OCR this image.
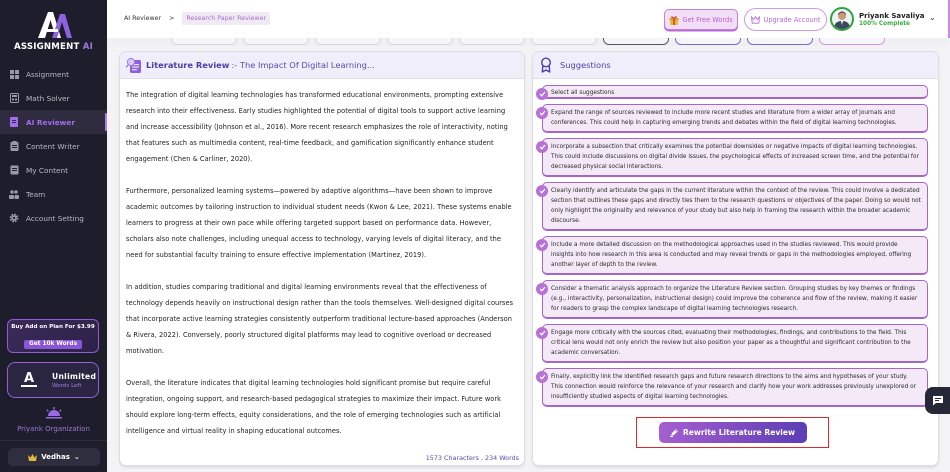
ASSIGNMENT AI
Assignment
Math Solver
AI Reviewer
Content Writer
My Content
Team
Account Setting
Buy Add on Plan For $3.99
Get 10k Words
A	Unlimited
Words Left
Priyank Organization
Vedhas ⌄
AI Reviewer >	Research Paper Reviewer	Get Free Words	Upgrade Account	Priyank Savaliya
100% Complete
⌄
Literature Review :- The Impact Of Digital Learning...

The integration of digital learning technologies has transformed educational environments, prompting extensive research into their effectiveness. Early studies highlighted the potential of digital tools to support active learning and increase accessibility (Johnson et al., 2016). More recent research emphasizes the role of interactivity, noting that features such as multimedia content, real-time feedback, and gamification significantly enhance student engagement (Chen & Carliner, 2020).

Furthermore, personalized learning systems—powered by adaptive algorithms—have been shown to improve academic outcomes by tailoring instruction to individual student needs (Kwon & Lee, 2021). These systems enable learners to progress at their own pace while offering targeted support based on performance data. However, scholars also note challenges, including unequal access to technology, varying levels of digital literacy, and the need for substantial faculty training to ensure effective implementation (Martinez, 2019).

In addition, studies comparing traditional and digital learning environments reveal that the effectiveness of technology depends heavily on instructional design rather than the tools themselves. Well-designed digital courses that incorporate active learning strategies consistently outperform traditional lecture-based approaches (Anderson & Rivera, 2022). Conversely, poorly structured digital platforms may lead to cognitive overload or decreased motivation.

Overall, the literature indicates that digital learning technologies hold significant promise but require careful integration, ongoing support, and research-based pedagogical strategies to maximize their impact. Future work should explore long-term effects, equity considerations, and the role of emerging technologies such as artificial intelligence and virtual reality in shaping educational outcomes.

1573 Characters , 234 Words
Suggestions
Select all suggestions
Expand the range of sources reviewed to include more recent studies and literature from a wider array of journals and conferences. This could help in capturing emerging trends and debates within the field of digital learning technologies.
Incorporate a subsection that critically examines the potential downsides or negative impacts of digital learning technologies. This could include discussions on digital divide issues, the psychological effects of increased screen time, and the potential for decreased physical social interactions.
Clearly identify and articulate the gaps in the current literature within the context of the review. This could involve a dedicated section that outlines these gaps and directly ties them to the research questions or objectives of the paper. Doing so would not only highlight the originality and relevance of your study but also help in framing the research within the broader academic discourse.
Include a more detailed discussion on the methodological approaches used in the studies reviewed. This would provide insights into how research in this area is conducted and may reveal trends or gaps in the methodologies employed, offering another layer of depth to the review.
Consider a thematic analysis approach to organize the Literature Review section. Grouping studies by key themes or findings (e.g., interactivity, personalization, instructional design) could improve the coherence and flow of the review, making it easier for readers to grasp the complex landscape of digital learning technologies research.
Engage more critically with the sources cited, evaluating their methodologies, findings, and contributions to the field. This critical lens would not only enrich the review but also position your paper as a thoughtful and significant contribution to the academic conversation.
Finally, explicitly link the identified research gaps and future research directions to the aims and hypotheses of your study. This connection would reinforce the relevance of your research and clarify how your work addresses previously unexplored or insufficiently studied aspects of digital learning technologies.
Rewrite Literature Review
